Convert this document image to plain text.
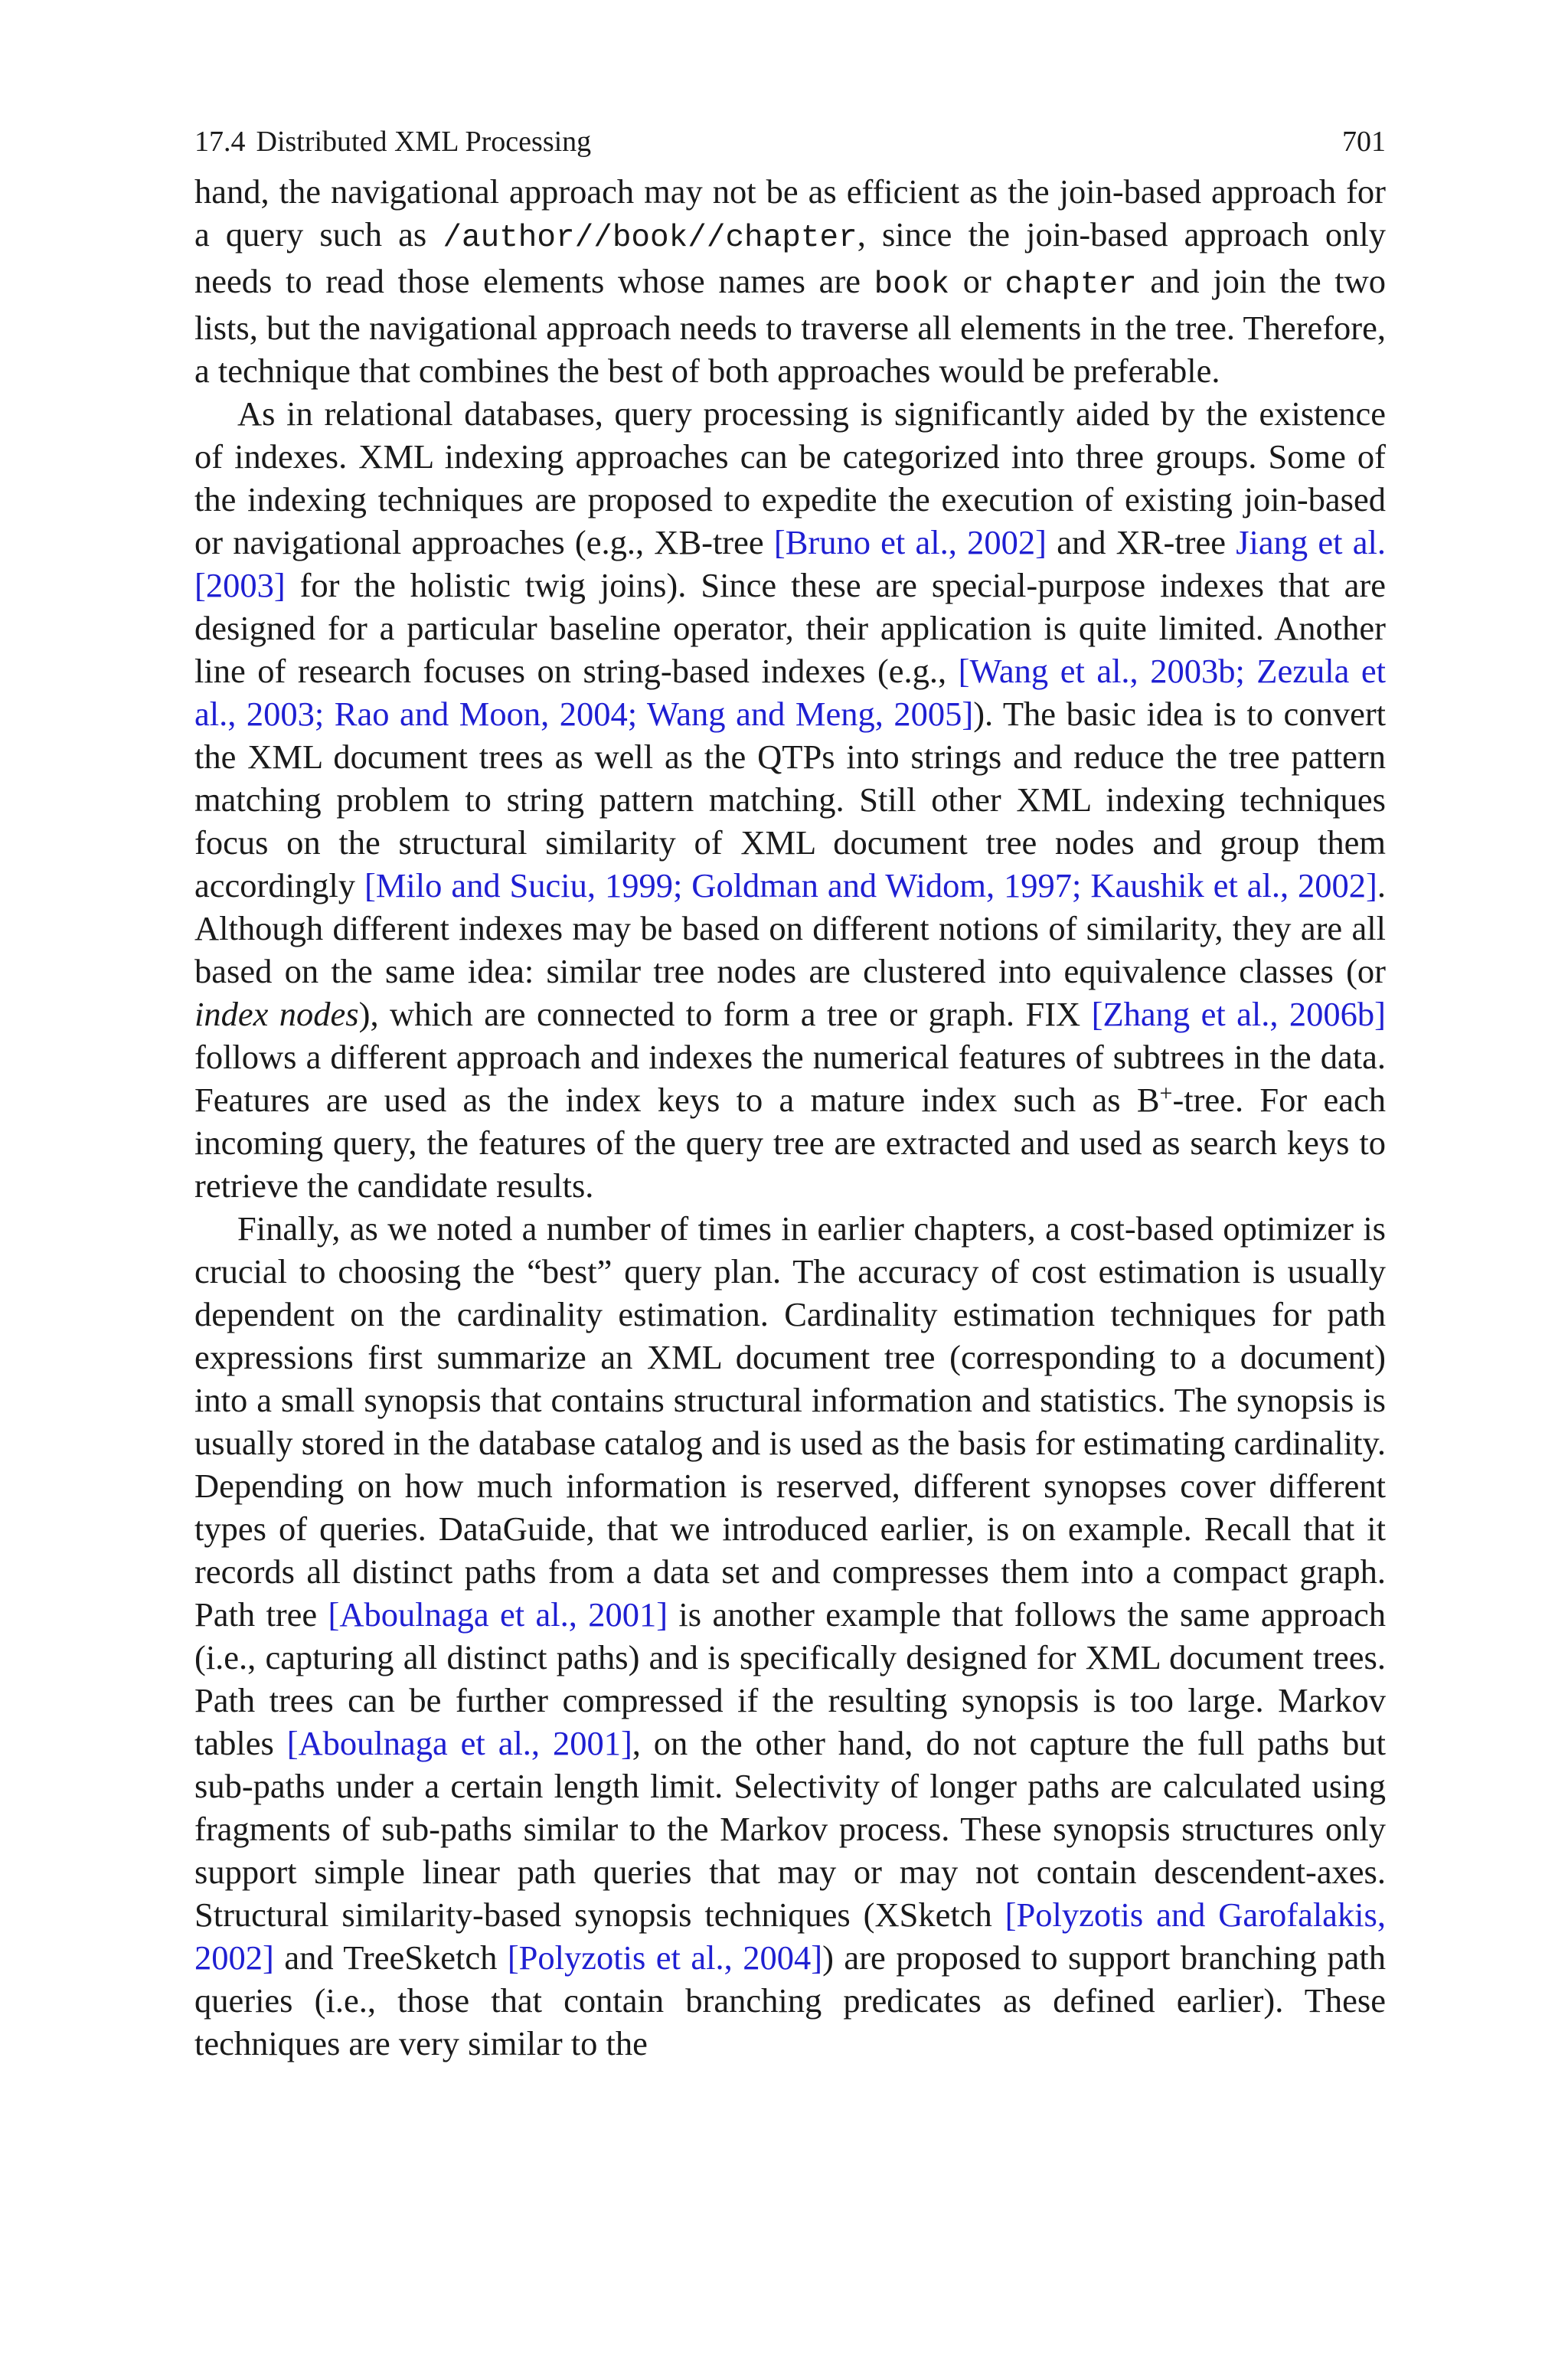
17.4 Distributed XML Processing	701

hand, the navigational approach may not be as efficient as the join-based approach for a query such as /author//book//chapter, since the join-based approach only needs to read those elements whose names are book or chapter and join the two lists, but the navigational approach needs to traverse all elements in the tree. Therefore, a technique that combines the best of both approaches would be preferable.

As in relational databases, query processing is significantly aided by the existence of indexes. XML indexing approaches can be categorized into three groups. Some of the indexing techniques are proposed to expedite the execution of existing join-based or navigational approaches (e.g., XB-tree [Bruno et al., 2002] and XR-tree Jiang et al. [2003] for the holistic twig joins). Since these are special-purpose indexes that are designed for a particular baseline operator, their application is quite limited. Another line of research focuses on string-based indexes (e.g., [Wang et al., 2003b; Zezula et al., 2003; Rao and Moon, 2004; Wang and Meng, 2005]). The basic idea is to convert the XML document trees as well as the QTPs into strings and reduce the tree pattern matching problem to string pattern matching. Still other XML indexing techniques focus on the structural similarity of XML document tree nodes and group them accordingly [Milo and Suciu, 1999; Goldman and Widom, 1997; Kaushik et al., 2002]. Although different indexes may be based on different notions of similarity, they are all based on the same idea: similar tree nodes are clustered into equivalence classes (or index nodes), which are connected to form a tree or graph. FIX [Zhang et al., 2006b] follows a different approach and indexes the numerical features of subtrees in the data. Features are used as the index keys to a mature index such as B+-tree. For each incoming query, the features of the query tree are extracted and used as search keys to retrieve the candidate results.

Finally, as we noted a number of times in earlier chapters, a cost-based optimizer is crucial to choosing the “best” query plan. The accuracy of cost estimation is usually dependent on the cardinality estimation. Cardinality estimation techniques for path expressions first summarize an XML document tree (corresponding to a document) into a small synopsis that contains structural information and statistics. The synopsis is usually stored in the database catalog and is used as the basis for estimating cardinality. Depending on how much information is reserved, different synopses cover different types of queries. DataGuide, that we introduced earlier, is on example. Recall that it records all distinct paths from a data set and compresses them into a compact graph. Path tree [Aboulnaga et al., 2001] is another example that follows the same approach (i.e., capturing all distinct paths) and is specifically designed for XML document trees. Path trees can be further compressed if the resulting synopsis is too large. Markov tables [Aboulnaga et al., 2001], on the other hand, do not capture the full paths but sub-paths under a certain length limit. Selectivity of longer paths are calculated using fragments of sub-paths similar to the Markov process. These synopsis structures only support simple linear path queries that may or may not contain descendent-axes. Structural similarity-based synopsis techniques (XSketch [Polyzotis and Garofalakis, 2002] and TreeSketch [Polyzotis et al., 2004]) are proposed to support branching path queries (i.e., those that contain branching predicates as defined earlier). These techniques are very similar to the
